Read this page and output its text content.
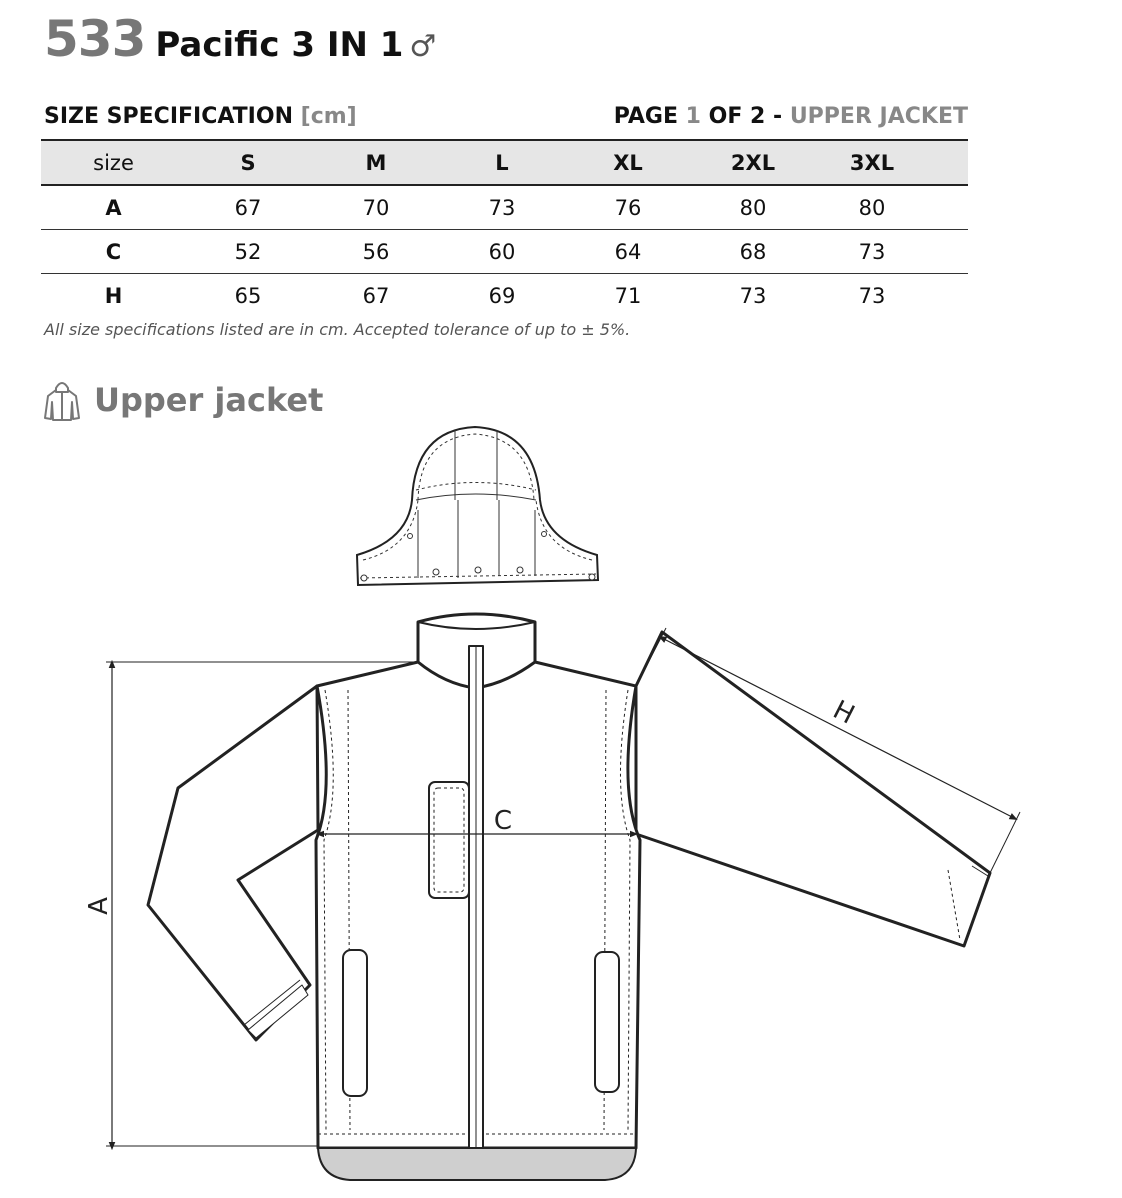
533 Pacific 3 IN 1 ♂
SIZE SPECIFICATION [cm]	PAGE 1 OF 2 - UPPER JACKET
size	S	M	L	XL	2XL	3XL	
A	67	70	73	76	80	80	
C	52	56	60	64	68	73	
H	65	67	69	71	73	73	
All size specifications listed are in cm. Accepted tolerance of up to ± 5%.
Upper jacket
A
C
H
